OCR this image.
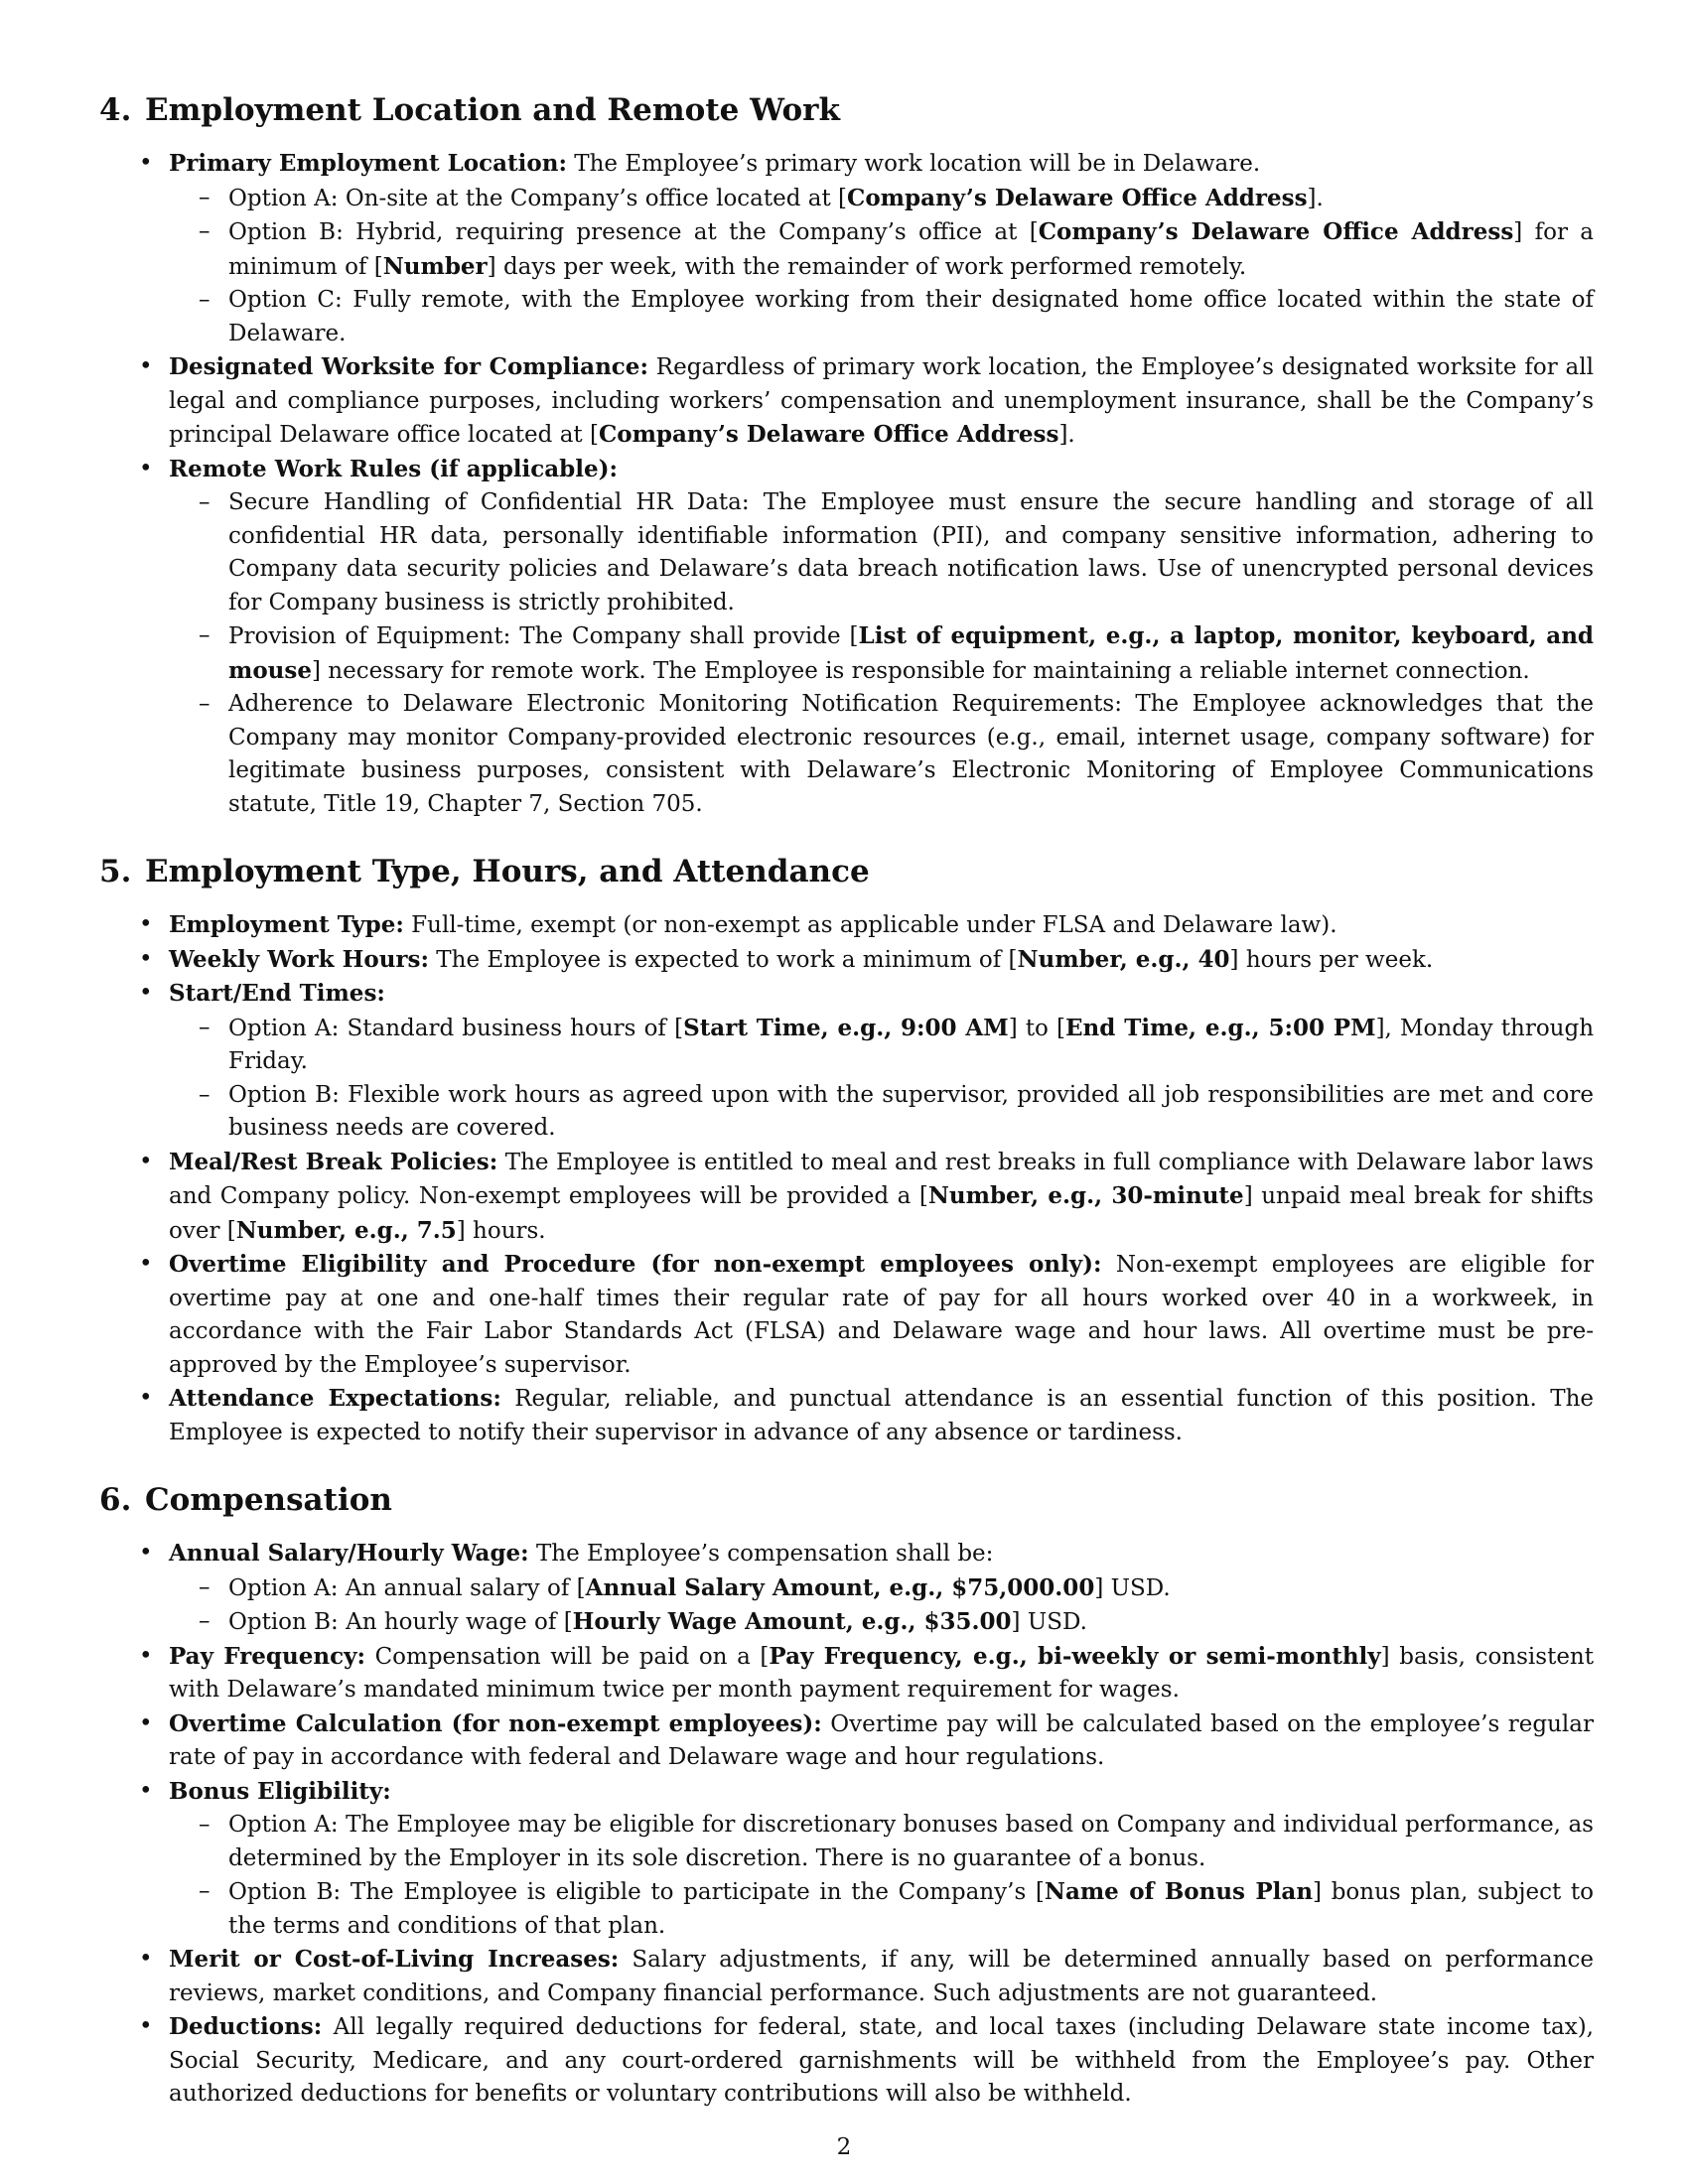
4. Employment Location and Remote Work
• Primary Employment Location: The Employee’s primary work location will be in Delaware.
– Option A: On-site at the Company’s office located at [Company’s Delaware Office Address].
– Option B: Hybrid, requiring presence at the Company’s office at [Company’s Delaware Office Address] for a minimum of [Number] days per week, with the remainder of work performed remotely.
– Option C: Fully remote, with the Employee working from their designated home office located within the state of Delaware.
• Designated Worksite for Compliance: Regardless of primary work location, the Employee’s designated worksite for all legal and compliance purposes, including workers’ compensation and unemployment insurance, shall be the Company’s principal Delaware office located at [Company’s Delaware Office Address].
• Remote Work Rules (if applicable):
– Secure Handling of Confidential HR Data: The Employee must ensure the secure handling and storage of all confidential HR data, personally identifiable information (PII), and company sensitive information, adhering to Company data security policies and Delaware’s data breach notification laws. Use of unencrypted personal devices for Company business is strictly prohibited.
– Provision of Equipment: The Company shall provide [List of equipment, e.g., a laptop, monitor, keyboard, and mouse] necessary for remote work. The Employee is responsible for maintaining a reliable internet connection.
– Adherence to Delaware Electronic Monitoring Notification Requirements: The Employee acknowledges that the Company may monitor Company-provided electronic resources (e.g., email, internet usage, company software) for legitimate business purposes, consistent with Delaware’s Electronic Monitoring of Employee Communications statute, Title 19, Chapter 7, Section 705.
5. Employment Type, Hours, and Attendance
• Employment Type: Full-time, exempt (or non-exempt as applicable under FLSA and Delaware law).
• Weekly Work Hours: The Employee is expected to work a minimum of [Number, e.g., 40] hours per week.
• Start/End Times:
– Option A: Standard business hours of [Start Time, e.g., 9:00 AM] to [End Time, e.g., 5:00 PM], Monday through Friday.
– Option B: Flexible work hours as agreed upon with the supervisor, provided all job responsibilities are met and core business needs are covered.
• Meal/Rest Break Policies: The Employee is entitled to meal and rest breaks in full compliance with Delaware labor laws and Company policy. Non-exempt employees will be provided a [Number, e.g., 30-minute] unpaid meal break for shifts over [Number, e.g., 7.5] hours.
• Overtime Eligibility and Procedure (for non-exempt employees only): Non-exempt employees are eligible for overtime pay at one and one-half times their regular rate of pay for all hours worked over 40 in a workweek, in accordance with the Fair Labor Standards Act (FLSA) and Delaware wage and hour laws. All overtime must be pre-approved by the Employee’s supervisor.
• Attendance Expectations: Regular, reliable, and punctual attendance is an essential function of this position. The Employee is expected to notify their supervisor in advance of any absence or tardiness.
6. Compensation
• Annual Salary/Hourly Wage: The Employee’s compensation shall be:
– Option A: An annual salary of [Annual Salary Amount, e.g., $75,000.00] USD.
– Option B: An hourly wage of [Hourly Wage Amount, e.g., $35.00] USD.
• Pay Frequency: Compensation will be paid on a [Pay Frequency, e.g., bi-weekly or semi-monthly] basis, consistent with Delaware’s mandated minimum twice per month payment requirement for wages.
• Overtime Calculation (for non-exempt employees): Overtime pay will be calculated based on the employee’s regular rate of pay in accordance with federal and Delaware wage and hour regulations.
• Bonus Eligibility:
– Option A: The Employee may be eligible for discretionary bonuses based on Company and individual performance, as determined by the Employer in its sole discretion. There is no guarantee of a bonus.
– Option B: The Employee is eligible to participate in the Company’s [Name of Bonus Plan] bonus plan, subject to the terms and conditions of that plan.
• Merit or Cost-of-Living Increases: Salary adjustments, if any, will be determined annually based on performance reviews, market conditions, and Company financial performance. Such adjustments are not guaranteed.
• Deductions: All legally required deductions for federal, state, and local taxes (including Delaware state income tax), Social Security, Medicare, and any court-ordered garnishments will be withheld from the Employee’s pay. Other authorized deductions for benefits or voluntary contributions will also be withheld.
2
